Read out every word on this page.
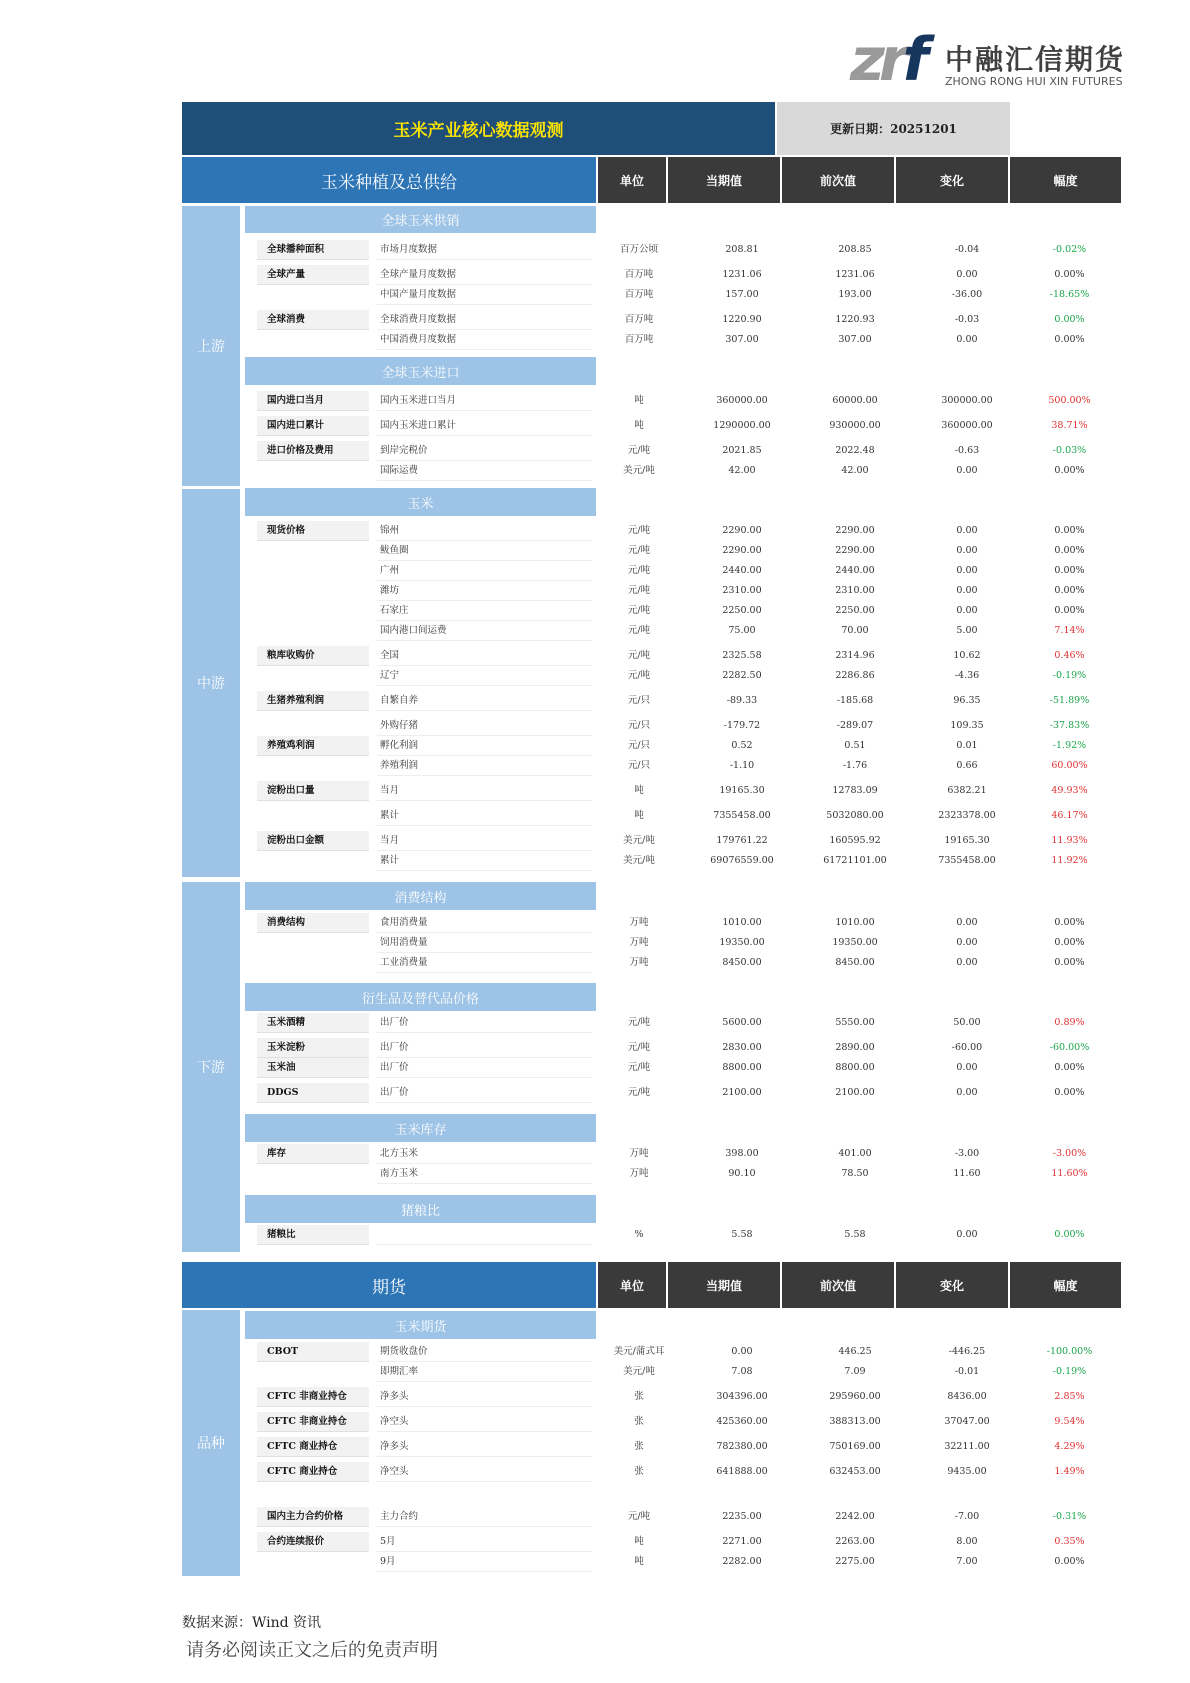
zrf 中融汇信期货
ZHONG RONG HUI XIN FUTURES
玉米产业核心数据观测	更新日期：20251201
玉米种植及总供给	单位	当期值	前次值	变化	幅度
上游
中游
下游
全球玉米供销
全球玉米进口
玉米
消费结构
衍生品及替代品价格
玉米库存
猪粮比
期货	单位	当期值	前次值	变化	幅度
品种
玉米期货
全球播种面积	市场月度数据	百万公顷	208.81	208.85	-0.04	-0.02%
全球产量	全球产量月度数据	百万吨	1231.06	1231.06	0.00	0.00%
中国产量月度数据	百万吨	157.00	193.00	-36.00	-18.65%
全球消费	全球消费月度数据	百万吨	1220.90	1220.93	-0.03	0.00%
中国消费月度数据	百万吨	307.00	307.00	0.00	0.00%
国内进口当月	国内玉米进口当月	吨	360000.00	60000.00	300000.00	500.00%
国内进口累计	国内玉米进口累计	吨	1290000.00	930000.00	360000.00	38.71%
进口价格及费用	到岸完税价	元/吨	2021.85	2022.48	-0.63	-0.03%
国际运费	美元/吨	42.00	42.00	0.00	0.00%
现货价格	锦州	元/吨	2290.00	2290.00	0.00	0.00%
鲅鱼圈	元/吨	2290.00	2290.00	0.00	0.00%
广州	元/吨	2440.00	2440.00	0.00	0.00%
潍坊	元/吨	2310.00	2310.00	0.00	0.00%
石家庄	元/吨	2250.00	2250.00	0.00	0.00%
国内港口间运费	元/吨	75.00	70.00	5.00	7.14%
粮库收购价	全国	元/吨	2325.58	2314.96	10.62	0.46%
辽宁	元/吨	2282.50	2286.86	-4.36	-0.19%
生猪养殖利润	自繁自养	元/只	-89.33	-185.68	96.35	-51.89%
外购仔猪	元/只	-179.72	-289.07	109.35	-37.83%
养殖鸡利润	孵化利润	元/只	0.52	0.51	0.01	-1.92%
养殖利润	元/只	-1.10	-1.76	0.66	60.00%
淀粉出口量	当月	吨	19165.30	12783.09	6382.21	49.93%
累计	吨	7355458.00	5032080.00	2323378.00	46.17%
淀粉出口金额	当月	美元/吨	179761.22	160595.92	19165.30	11.93%
累计	美元/吨	69076559.00	61721101.00	7355458.00	11.92%
消费结构	食用消费量	万吨	1010.00	1010.00	0.00	0.00%
饲用消费量	万吨	19350.00	19350.00	0.00	0.00%
工业消费量	万吨	8450.00	8450.00	0.00	0.00%
玉米酒精	出厂价	元/吨	5600.00	5550.00	50.00	0.89%
玉米淀粉	出厂价	元/吨	2830.00	2890.00	-60.00	-60.00%
玉米油	出厂价	元/吨	8800.00	8800.00	0.00	0.00%
DDGS	出厂价	元/吨	2100.00	2100.00	0.00	0.00%
库存	北方玉米	万吨	398.00	401.00	-3.00	-3.00%
南方玉米	万吨	90.10	78.50	11.60	11.60%
猪粮比	%	5.58	5.58	0.00	0.00%
CBOT	期货收盘价	美元/蒲式耳	0.00	446.25	-446.25	-100.00%
即期汇率	美元/吨	7.08	7.09	-0.01	-0.19%
CFTC 非商业持仓	净多头	张	304396.00	295960.00	8436.00	2.85%
CFTC 非商业持仓	净空头	张	425360.00	388313.00	37047.00	9.54%
CFTC 商业持仓	净多头	张	782380.00	750169.00	32211.00	4.29%
CFTC 商业持仓	净空头	张	641888.00	632453.00	9435.00	1.49%
国内主力合约价格	主力合约	元/吨	2235.00	2242.00	-7.00	-0.31%
合约连续报价	5月	吨	2271.00	2263.00	8.00	0.35%
9月	吨	2282.00	2275.00	7.00	0.00%
数据来源：Wind 资讯
请务必阅读正文之后的免责声明
